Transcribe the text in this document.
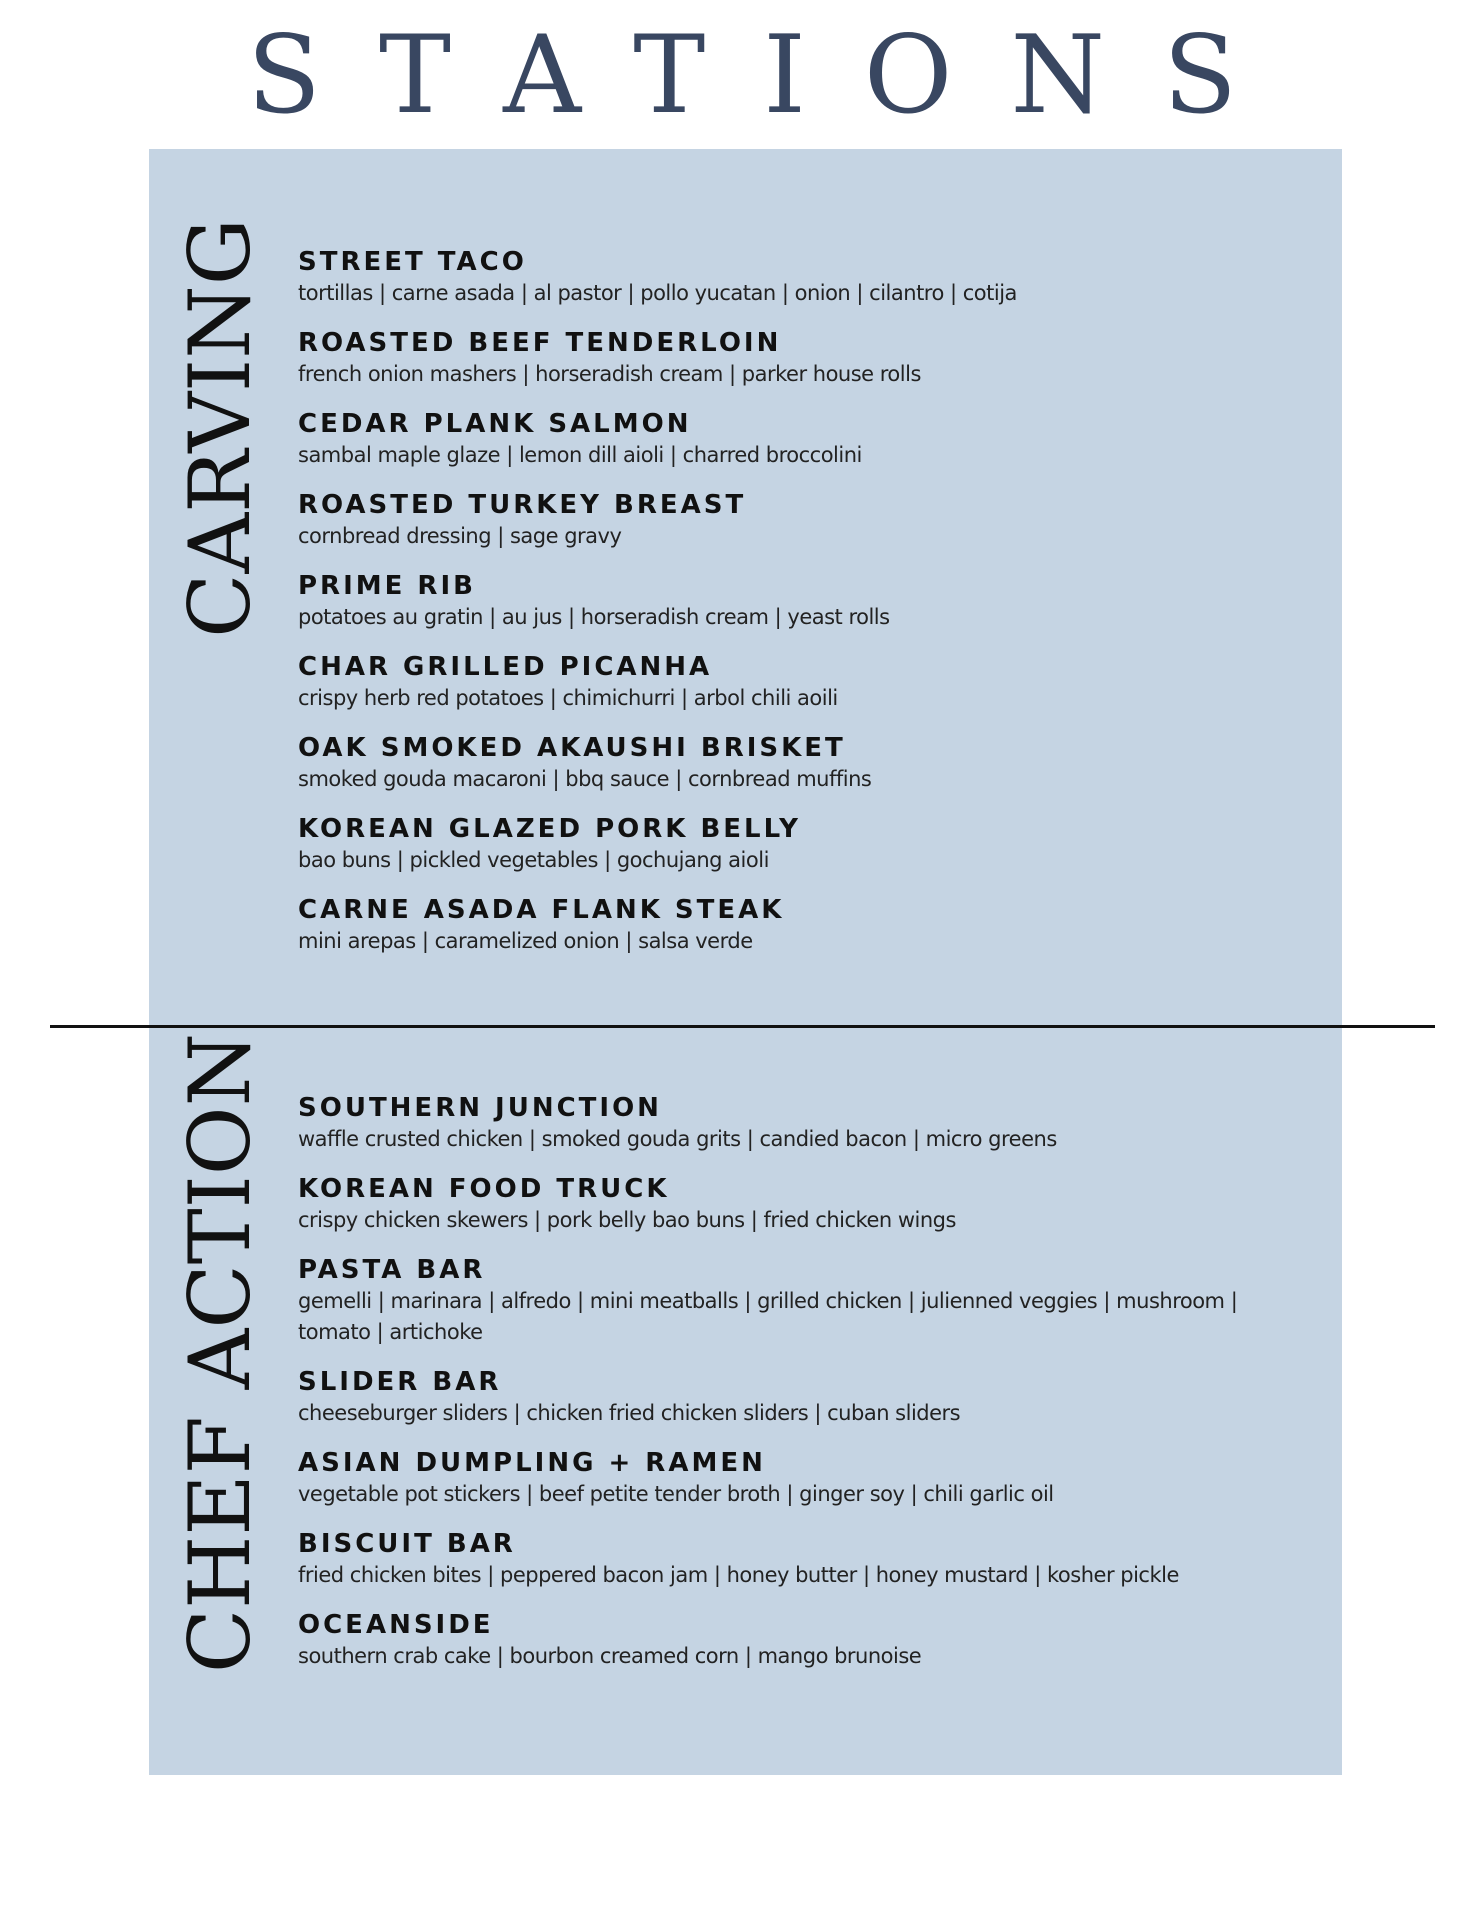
STATIONS
CARVING STREET TACO
tortillas | carne asada | al pastor | pollo yucatan | onion | cilantro | cotija
ROASTED BEEF TENDERLOIN
french onion mashers | horseradish cream | parker house rolls
CEDAR PLANK SALMON
sambal maple glaze | lemon dill aioli | charred broccolini
ROASTED TURKEY BREAST
cornbread dressing | sage gravy
PRIME RIB
potatoes au gratin | au jus | horseradish cream | yeast rolls
CHAR GRILLED PICANHA
crispy herb red potatoes | chimichurri | arbol chili aoili
OAK SMOKED AKAUSHI BRISKET
smoked gouda macaroni | bbq sauce | cornbread muffins
KOREAN GLAZED PORK BELLY
bao buns | pickled vegetables | gochujang aioli
CARNE ASADA FLANK STEAK
mini arepas | caramelized onion | salsa verde
CHEF ACTION SOUTHERN JUNCTION
waffle crusted chicken | smoked gouda grits | candied bacon | micro greens
KOREAN FOOD TRUCK
crispy chicken skewers | pork belly bao buns | fried chicken wings
PASTA BAR
gemelli | marinara | alfredo | mini meatballs | grilled chicken | julienned veggies | mushroom | tomato | artichoke
SLIDER BAR
cheeseburger sliders | chicken fried chicken sliders | cuban sliders
ASIAN DUMPLING + RAMEN
vegetable pot stickers | beef petite tender broth | ginger soy | chili garlic oil
BISCUIT BAR
fried chicken bites | peppered bacon jam | honey butter | honey mustard | kosher pickle
OCEANSIDE
southern crab cake | bourbon creamed corn | mango brunoise
